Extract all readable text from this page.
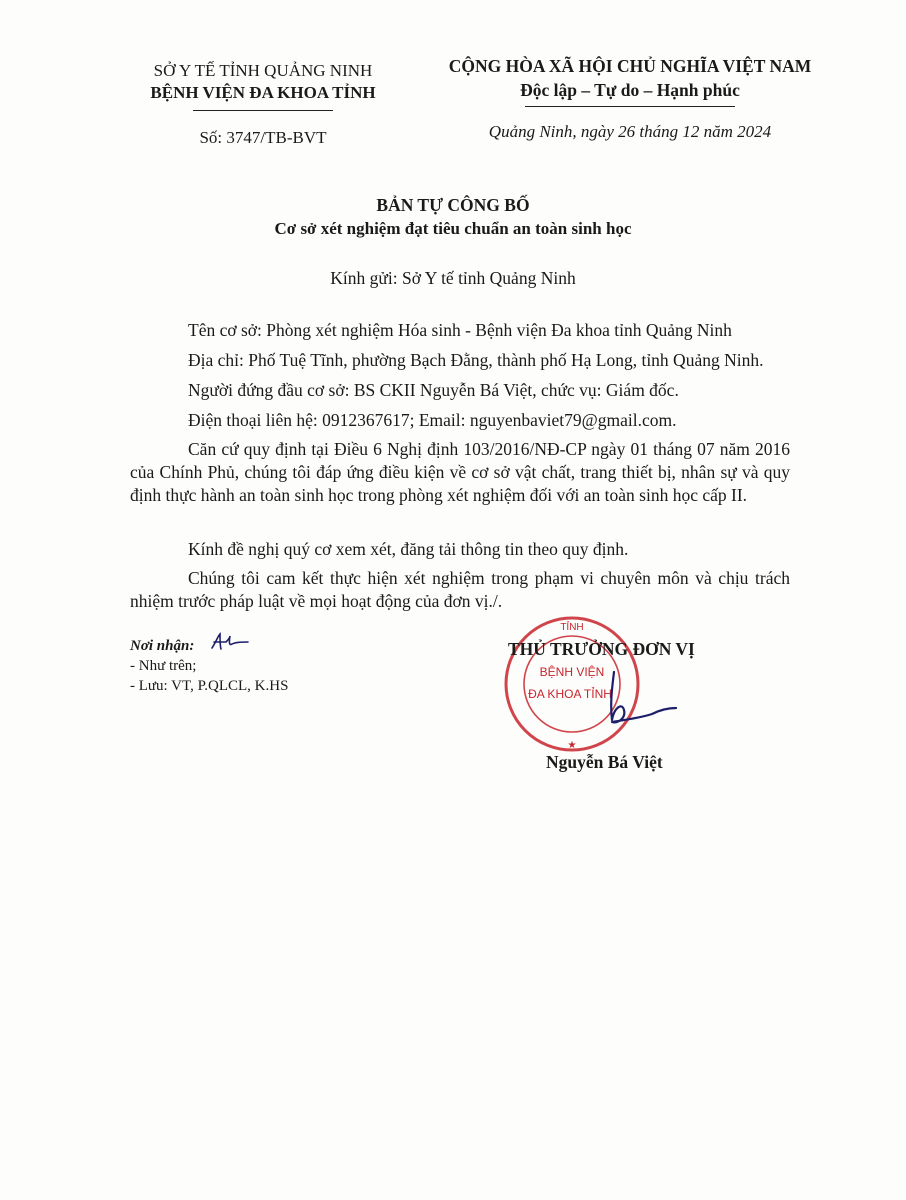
SỞ Y TẾ TỈNH QUẢNG NINH
BỆNH VIỆN ĐA KHOA TỈNH
CỘNG HÒA XÃ HỘI CHỦ NGHĨA VIỆT NAM
Độc lập – Tự do – Hạnh phúc
Số: 3747/TB-BVT	Quảng Ninh, ngày 26 tháng 12 năm 2024
BẢN TỰ CÔNG BỐ
Cơ sở xét nghiệm đạt tiêu chuẩn an toàn sinh học
Kính gửi: Sở Y tế tỉnh Quảng Ninh
Tên cơ sở: Phòng xét nghiệm Hóa sinh - Bệnh viện Đa khoa tỉnh Quảng Ninh
Địa chỉ: Phố Tuệ Tĩnh, phường Bạch Đằng, thành phố Hạ Long, tỉnh Quảng Ninh.
Người đứng đầu cơ sở: BS CKII Nguyễn Bá Việt, chức vụ: Giám đốc.
Điện thoại liên hệ: 0912367617; Email: nguyenbaviet79@gmail.com.
Căn cứ quy định tại Điều 6 Nghị định 103/2016/NĐ-CP ngày 01 tháng 07 năm 2016 của Chính Phủ, chúng tôi đáp ứng điều kiện về cơ sở vật chất, trang thiết bị, nhân sự và quy định thực hành an toàn sinh học trong phòng xét nghiệm đối với an toàn sinh học cấp II.
Kính đề nghị quý cơ xem xét, đăng tải thông tin theo quy định.
Chúng tôi cam kết thực hiện xét nghiệm trong phạm vi chuyên môn và chịu trách nhiệm trước pháp luật về mọi hoạt động của đơn vị./.
Nơi nhận:
- Như trên;
- Lưu: VT, P.QLCL, K.HS
TỈNH
BỆNH VIỆN
ĐA KHOA TỈNH
★
THỦ TRƯỞNG ĐƠN VỊ
Nguyễn Bá Việt
